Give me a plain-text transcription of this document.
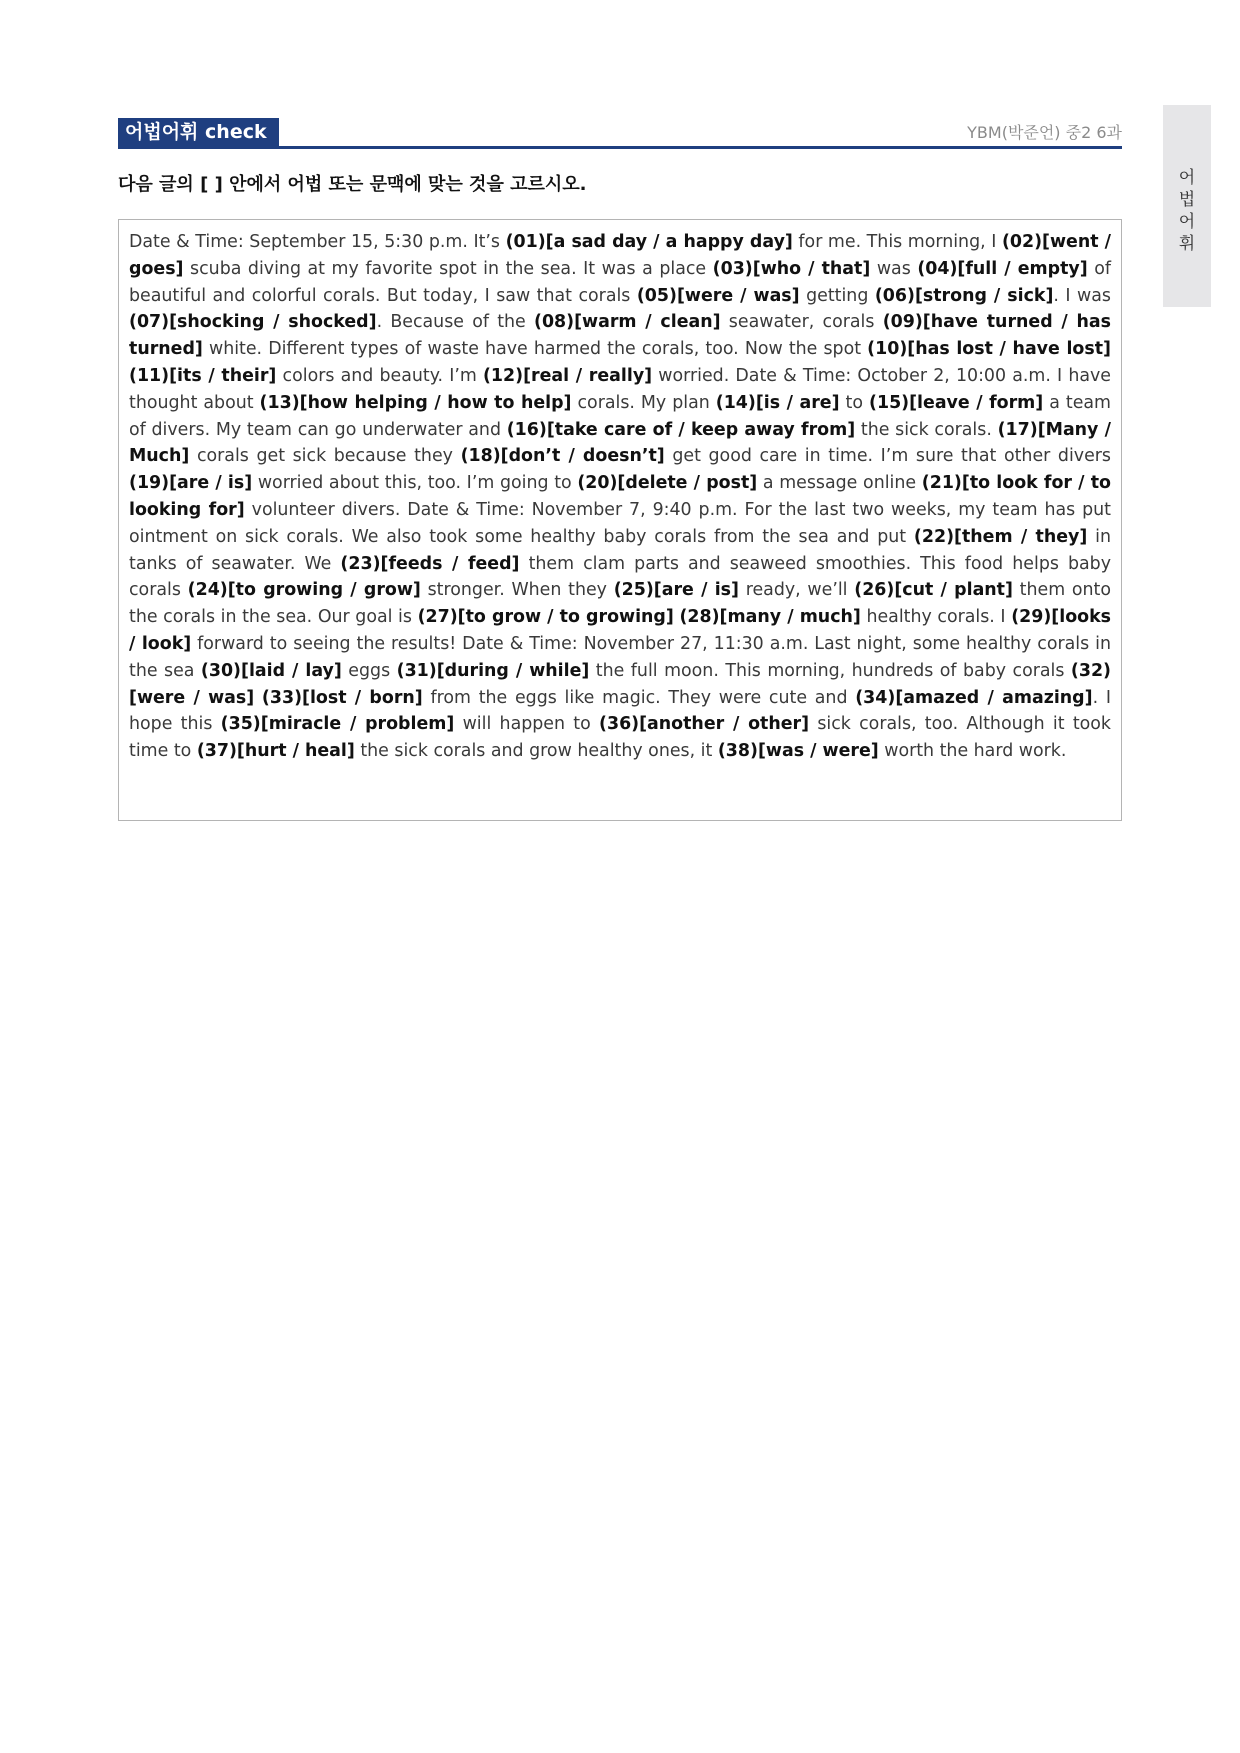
어법어휘 check	YBM(박준언) 중2 6과
어
법
어
휘
다음 글의 [ ] 안에서 어법 또는 문맥에 맞는 것을 고르시오.

Date & Time: September 15, 5:30 p.m. It’s (01)[a sad day / a happy day] for me. This morning, I (02)[went / goes] scuba diving at my favorite spot in the sea. It was a place (03)[who / that] was (04)[full / empty] of beautiful and colorful corals. But today, I saw that corals (05)[were / was] getting (06)[strong / sick]. I was (07)[shocking / shocked]. Because of the (08)[warm / clean] seawater, corals (09)[have turned / has turned] white. Different types of waste have harmed the corals, too. Now the spot (10)[has lost / have lost] (11)[its / their] colors and beauty. I’m (12)[real / really] worried. Date & Time: October 2, 10:00 a.m. I have thought about (13)[how helping / how to help] corals. My plan (14)[is / are] to (15)[leave / form] a team of divers. My team can go underwater and (16)[take care of / keep away from] the sick corals. (17)[Many / Much] corals get sick because they (18)[don’t / doesn’t] get good care in time. I’m sure that other divers (19)[are / is] worried about this, too. I’m going to (20)[delete / post] a message online (21)[to look for / to looking for] volunteer divers. Date & Time: November 7, 9:40 p.m. For the last two weeks, my team has put ointment on sick corals. We also took some healthy baby corals from the sea and put (22)[them / they] in tanks of seawater. We (23)[feeds / feed] them clam parts and seaweed smoothies. This food helps baby corals (24)[to growing / grow] stronger. When they (25)[are / is] ready, we’ll (26)[cut / plant] them onto the corals in the sea. Our goal is (27)[to grow / to growing] (28)[many / much] healthy corals. I (29)[looks / look] forward to seeing the results! Date & Time: November 27, 11:30 a.m. Last night, some healthy corals in the sea (30)[laid / lay] eggs (31)[during / while] the full moon. This morning, hundreds of baby corals (32)[were / was] (33)[lost / born] from the eggs like magic. They were cute and (34)[amazed / amazing]. I hope this (35)[miracle / problem] will happen to (36)[another / other] sick corals, too. Although it took time to (37)[hurt / heal] the sick corals and grow healthy ones, it (38)[was / were] worth the hard work.
